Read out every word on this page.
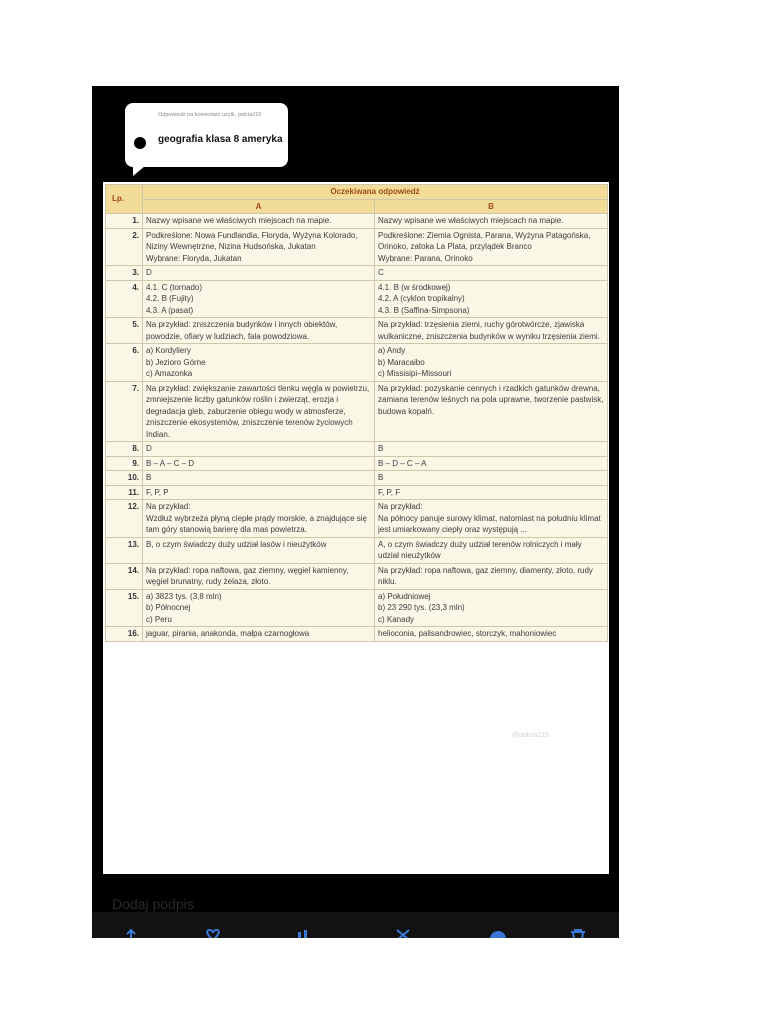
Odpowiedz na komentarz użytk. polcia215
geografia klasa 8 ameryka
Lp.	Oczekiwana odpowiedź	
	A	B
1.	Nazwy wpisane we właściwych miejscach na mapie.	Nazwy wpisane we właściwych miejscach na mapie.
2.	Podkreślone: Nowa Fundlandia, Floryda, Wyżyna Kolorado, Niziny Wewnętrzne, Nizina Hudsońska, Jukatan
Wybrane: Floryda, Jukatan	Podkreślone: Ziemia Ognista, Parana, Wyżyna Patagońska, Orinoko, zatoka La Plata, przylądek Branco
Wybrane: Parana, Orinoko
3.	D	C
4.	4.1. C (tornado)
4.2. B (Fujity)
4.3. A (pasat)	4.1. B (w środkowej)
4.2. A (cyklon tropikalny)
4.3. B (Saffina-Simpsona)
5.	Na przykład: zniszczenia budynków i innych obiektów, powodzie, ofiary w ludziach, fala powodziowa.	Na przykład: trzęsienia ziemi, ruchy górotwórcze, zjawiska wulkaniczne, zniszczenia budynków w wyniku trzęsienia ziemi.
6.	a) Kordyliery
b) Jezioro Górne
c) Amazonka	a) Andy
b) Maracaibo
c) Missisipi–Missouri
7.	Na przykład: zwiększanie zawartości tlenku węgla w powietrzu, zmniejszenie liczby gatunków roślin i zwierząt, erozja i degradacja gleb, zaburzenie obiegu wody w atmosferze, zniszczenie ekosystemów, zniszczenie terenów życiowych Indian.	Na przykład: pozyskanie cennych i rzadkich gatunków drewna, zamiana terenów leśnych na pola uprawne, tworzenie pastwisk, budowa kopalń.
8.	D	B
9.	B – A – C – D	B – D – C – A
10.	B	B
11.	F, P, P	F, P, F
12.	Na przykład:
Wzdłuż wybrzeża płyną ciepłe prądy morskie, a znajdujące się tam góry stanowią barierę dla mas powietrza.	Na przykład:
Na północy panuje surowy klimat, natomiast na południu klimat jest umiarkowany ciepły oraz występują ...
13.	B, o czym świadczy duży udział lasów i nieużytków	A, o czym świadczy duży udział terenów rolniczych i mały udział nieużytków
14.	Na przykład: ropa naftowa, gaz ziemny, węgiel kamienny, węgiel brunatny, rudy żelaza, złoto.	Na przykład: ropa naftowa, gaz ziemny, diamenty, złoto, rudy niklu.
15.	a) 3823 tys. (3,8 mln)
b) Północnej
c) Peru	a) Południowej
b) 23 290 tys. (23,3 mln)
c) Kanady
16.	jaguar, pirania, anakonda, małpa czarnogłowa	helioconia, palisandrowiec, storczyk, mahoniowiec
TikTok
@polcia215
Dodaj podpis
